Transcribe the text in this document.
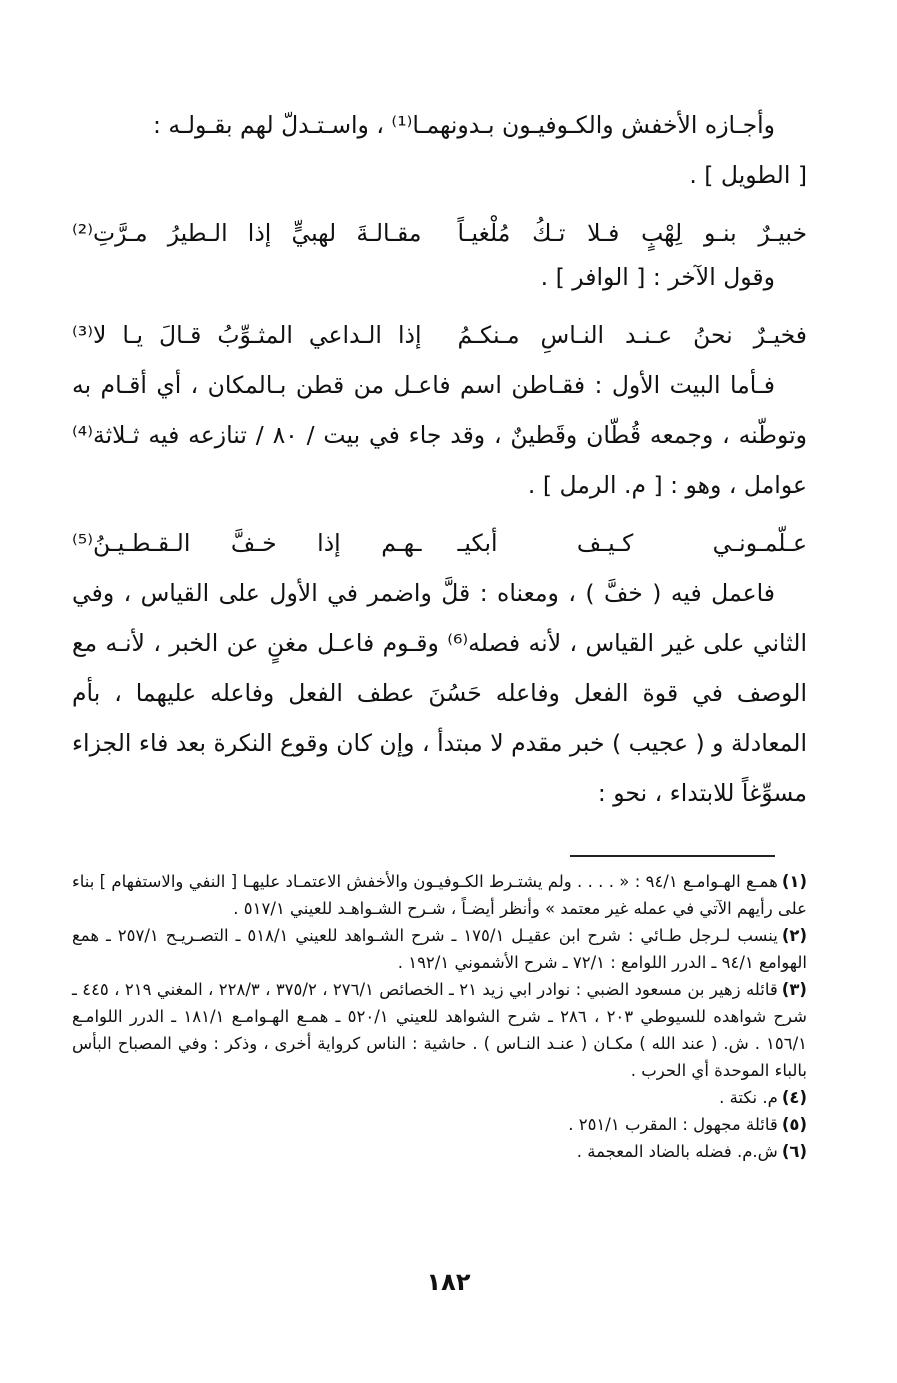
وأجـازه الأخفش والكـوفيـون بـدونهمـا⁽¹⁾ ، واسـتـدلّ لهم بقـولـه :

[ الطويل ] .

خبيـرٌ بنـو لِهْبٍ فـلا تـكُ مُلْغيـاً
مقـالـةَ لهبيٍّ إذا الـطيرُ مـرَّتِ⁽²⁾

وقول الآخر : [ الوافر ] .

فخيـرٌ نحنُ عـنـد النـاسِ مـنكـمُ
إذا الـداعي المثـوِّبُ قـالَ يـا لا⁽³⁾

فـأما البيت الأول : فقـاطن اسم فاعـل من قطن بـالمكان ، أي أقـام به وتوطّنه ، وجمعه قُطّان وقَطينٌ ، وقد جاء في بيت / ٨٠ / تنازعه فيه ثـلاثة⁽⁴⁾ عوامل ، وهو : [ م. الرمل ] .

عـلّمـونـي كـيـف أبكيـ
ـهـم إذا خـفَّ الـقـطـيـنُ⁽⁵⁾

فاعمل فيه ( خفَّ ) ، ومعناه : قلَّ واضمر في الأول على القياس ، وفي الثاني على غير القياس ، لأنه فصله⁽⁶⁾ وقـوم فاعـل مغنٍ عن الخبر ، لأنـه مع الوصف في قوة الفعل وفاعله حَسُنَ عطف الفعل وفاعله عليهما ، بأم المعادلة و ( عجيب ) خبر مقدم لا مبتدأ ، وإن كان وقوع النكرة بعد فاء الجزاء مسوِّغاً للابتداء ، نحو :

(١)همـع الهـوامـع ٩٤/١ : « . . . . ولم يشتـرط الكـوفيـون والأخفش الاعتمـاد عليهـا [ النفي والاستفهام ] بناء على رأيهم الآتي في عمله غير معتمد » وأنظر أيضـاً ، شـرح الشـواهـد للعيني ٥١٧/١ .

(٢)ينسب لـرجل طـائي : شرح ابن عقيـل ١٧٥/١ ـ شرح الشـواهد للعيني ٥١٨/١ ـ التصـريـح ٢٥٧/١ ـ همع الهوامع ٩٤/١ ـ الدرر اللوامع : ٧٢/١ ـ شرح الأشموني ١٩٢/١ .

(٣)قائله زهير بن مسعود الضبي : نوادر ابي زيد ٢١ ـ الخصائص ٢٧٦/١ ، ٣٧٥/٢ ، ٢٢٨/٣ ، المغني ٢١٩ ، ٤٤٥ ـ شرح شواهده للسيوطي ٢٠٣ ، ٢٨٦ ـ شرح الشواهد للعيني ٥٢٠/١ ـ همـع الهـوامـع ١٨١/١ ـ الدرر اللوامـع ١٥٦/١ . ش. ( عند الله ) مكـان ( عنـد النـاس ) . حاشية : الناس كرواية أخرى ، وذكر : وفي المصباح البأس بالباء الموحدة أي الحرب .

(٤)م. نكتة .

(٥)قائلة مجهول : المقرب ٢٥١/١ .

(٦)ش.م. فضله بالضاد المعجمة .

١٨٢
